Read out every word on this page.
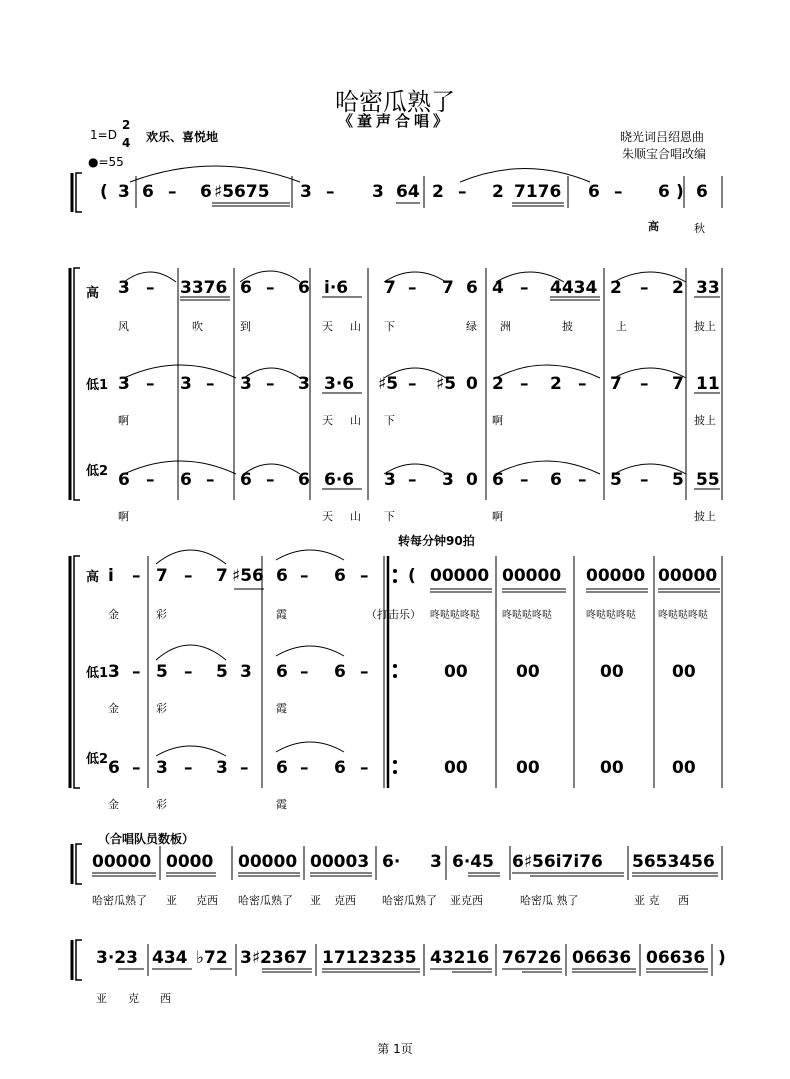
哈密瓜熟了
《童声合唱》
1=D
2
4 欢乐、喜悦地
●=55
晓光词吕绍恩曲
朱顺宝合唱改编
( 3 6 – 6 ♯5675 3 – 3 64 2 – 2 7176 6 – 6 ) 6
高	秋
高
低1
低2
3 – 3376 6 – 6 i·6 7 – 7 6 4 – 4434 2 – 2 33
风	吹	到	天 山 下	绿 洲	披	上	披上
3 – 3 – 3 – 3 3·6 ♯5 – ♯5 0 2 – 2 – 7 – 7 11
啊	天 山 下	啊	披上
6 – 6 – 6 – 6 6·6 3 – 3 0 6 – 6 – 5 – 5 55
啊	天 山 下	啊	披上
转每分钟90拍
高
低1
低2
i – 7 – 7 ♯56 6 – 6 – ( 00000 00000 00000 00000
金	彩	霞	（打击乐） 咚哒哒咚哒 咚哒哒咚哒	咚哒哒咚哒 咚哒哒咚哒
3 – 5 – 5 3 6 – 6 –	00	00	00	00
金	彩	霞
6 – 3 – 3 – 6 – 6 –	00	00	00	00
金	彩	霞
（合唱队员数板）
00000 0000 00000 00003 6· 3 6·45 6♯56i7i76 5653456
哈密瓜熟了 亚 克西 哈密瓜熟了 亚 克西 哈密瓜熟了 亚克西	哈密瓜 熟了	亚 克 西
3·23 434 ♭72 3♯2367 17123235 43216 76726 06636 06636 )
亚 克 西
第 1页
